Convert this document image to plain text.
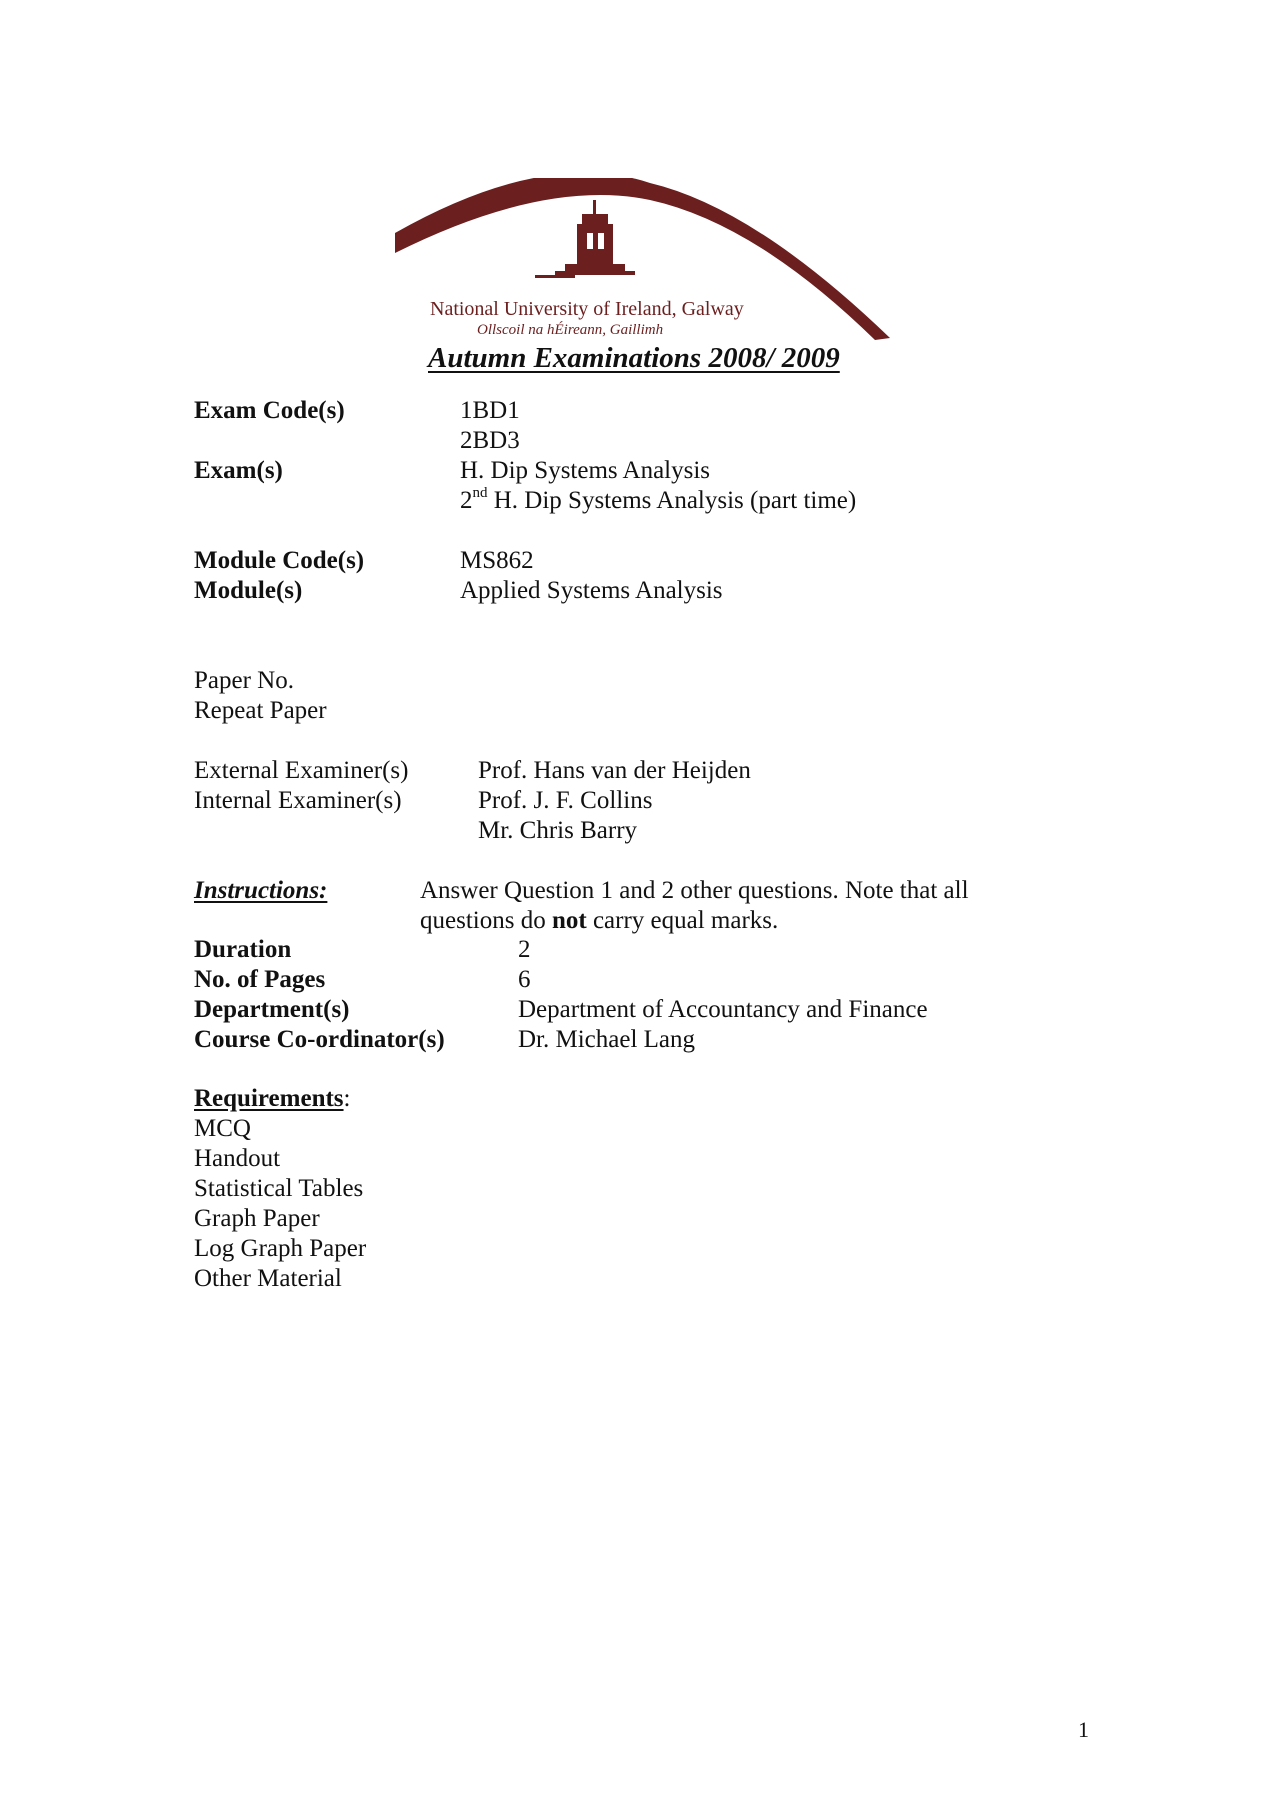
National University of Ireland, Galway
Ollscoil na hÉireann, Gaillimh
Autumn Examinations 2008/ 2009
Exam Code(s)	1BD1
2BD3
Exam(s)	H. Dip Systems Analysis
2nd H. Dip Systems Analysis (part time)
Module Code(s)	MS862
Module(s)	Applied Systems Analysis
Paper No.
Repeat Paper
External Examiner(s)	Prof. Hans van der Heijden
Internal Examiner(s)	Prof. J. F. Collins
Mr. Chris Barry
Instructions:	Answer Question 1 and 2 other questions. Note that all
questions do not carry equal marks.
Duration	2
No. of Pages	6
Department(s)	Department of Accountancy and Finance
Course Co-ordinator(s)	Dr. Michael Lang
Requirements:
MCQ
Handout
Statistical Tables
Graph Paper
Log Graph Paper
Other Material
1
